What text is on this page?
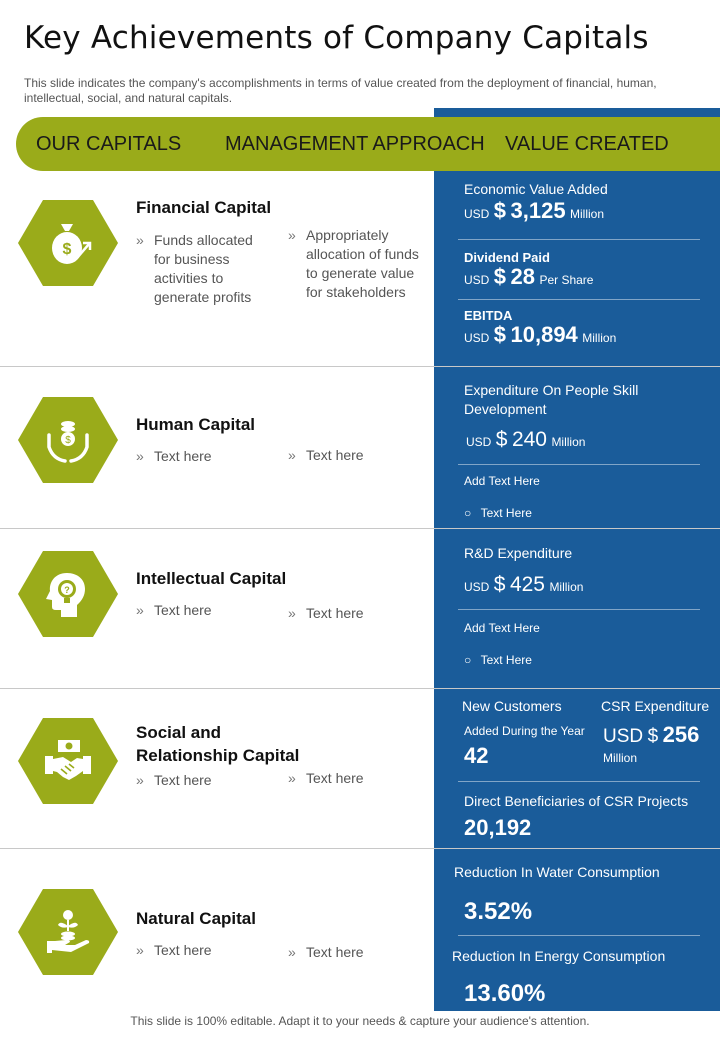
Key Achievements of Company Capitals
This slide indicates the company's accomplishments in terms of value created from the deployment of financial, human, intellectual, social, and natural capitals.
OUR CAPITALS MANAGEMENT APPROACH VALUE CREATED
$
Financial Capital
» Funds allocated for business activities to generate profits
» Appropriately allocation of funds to generate value for stakeholders
Economic Value Added
USD $ 3,125 Million
Dividend Paid
USD $ 28 Per Share
EBITDA
USD $ 10,894 Million
$
Human Capital
» Text here	» Text here
Expenditure On People Skill Development
USD $ 240 Million
Add Text Here
○ Text Here
?
Intellectual Capital
» Text here	» Text here
R&D Expenditure
USD $ 425 Million
Add Text Here
○ Text Here
Social and
Relationship Capital
» Text here	» Text here
New Customers
Added During the Year
42
CSR Expenditure
USD $ 256
Million
Direct Beneficiaries of CSR Projects
20,192
Natural Capital
» Text here	» Text here
Reduction In Water Consumption
3.52%
Reduction In Energy Consumption
13.60%
This slide is 100% editable. Adapt it to your needs & capture your audience's attention.
